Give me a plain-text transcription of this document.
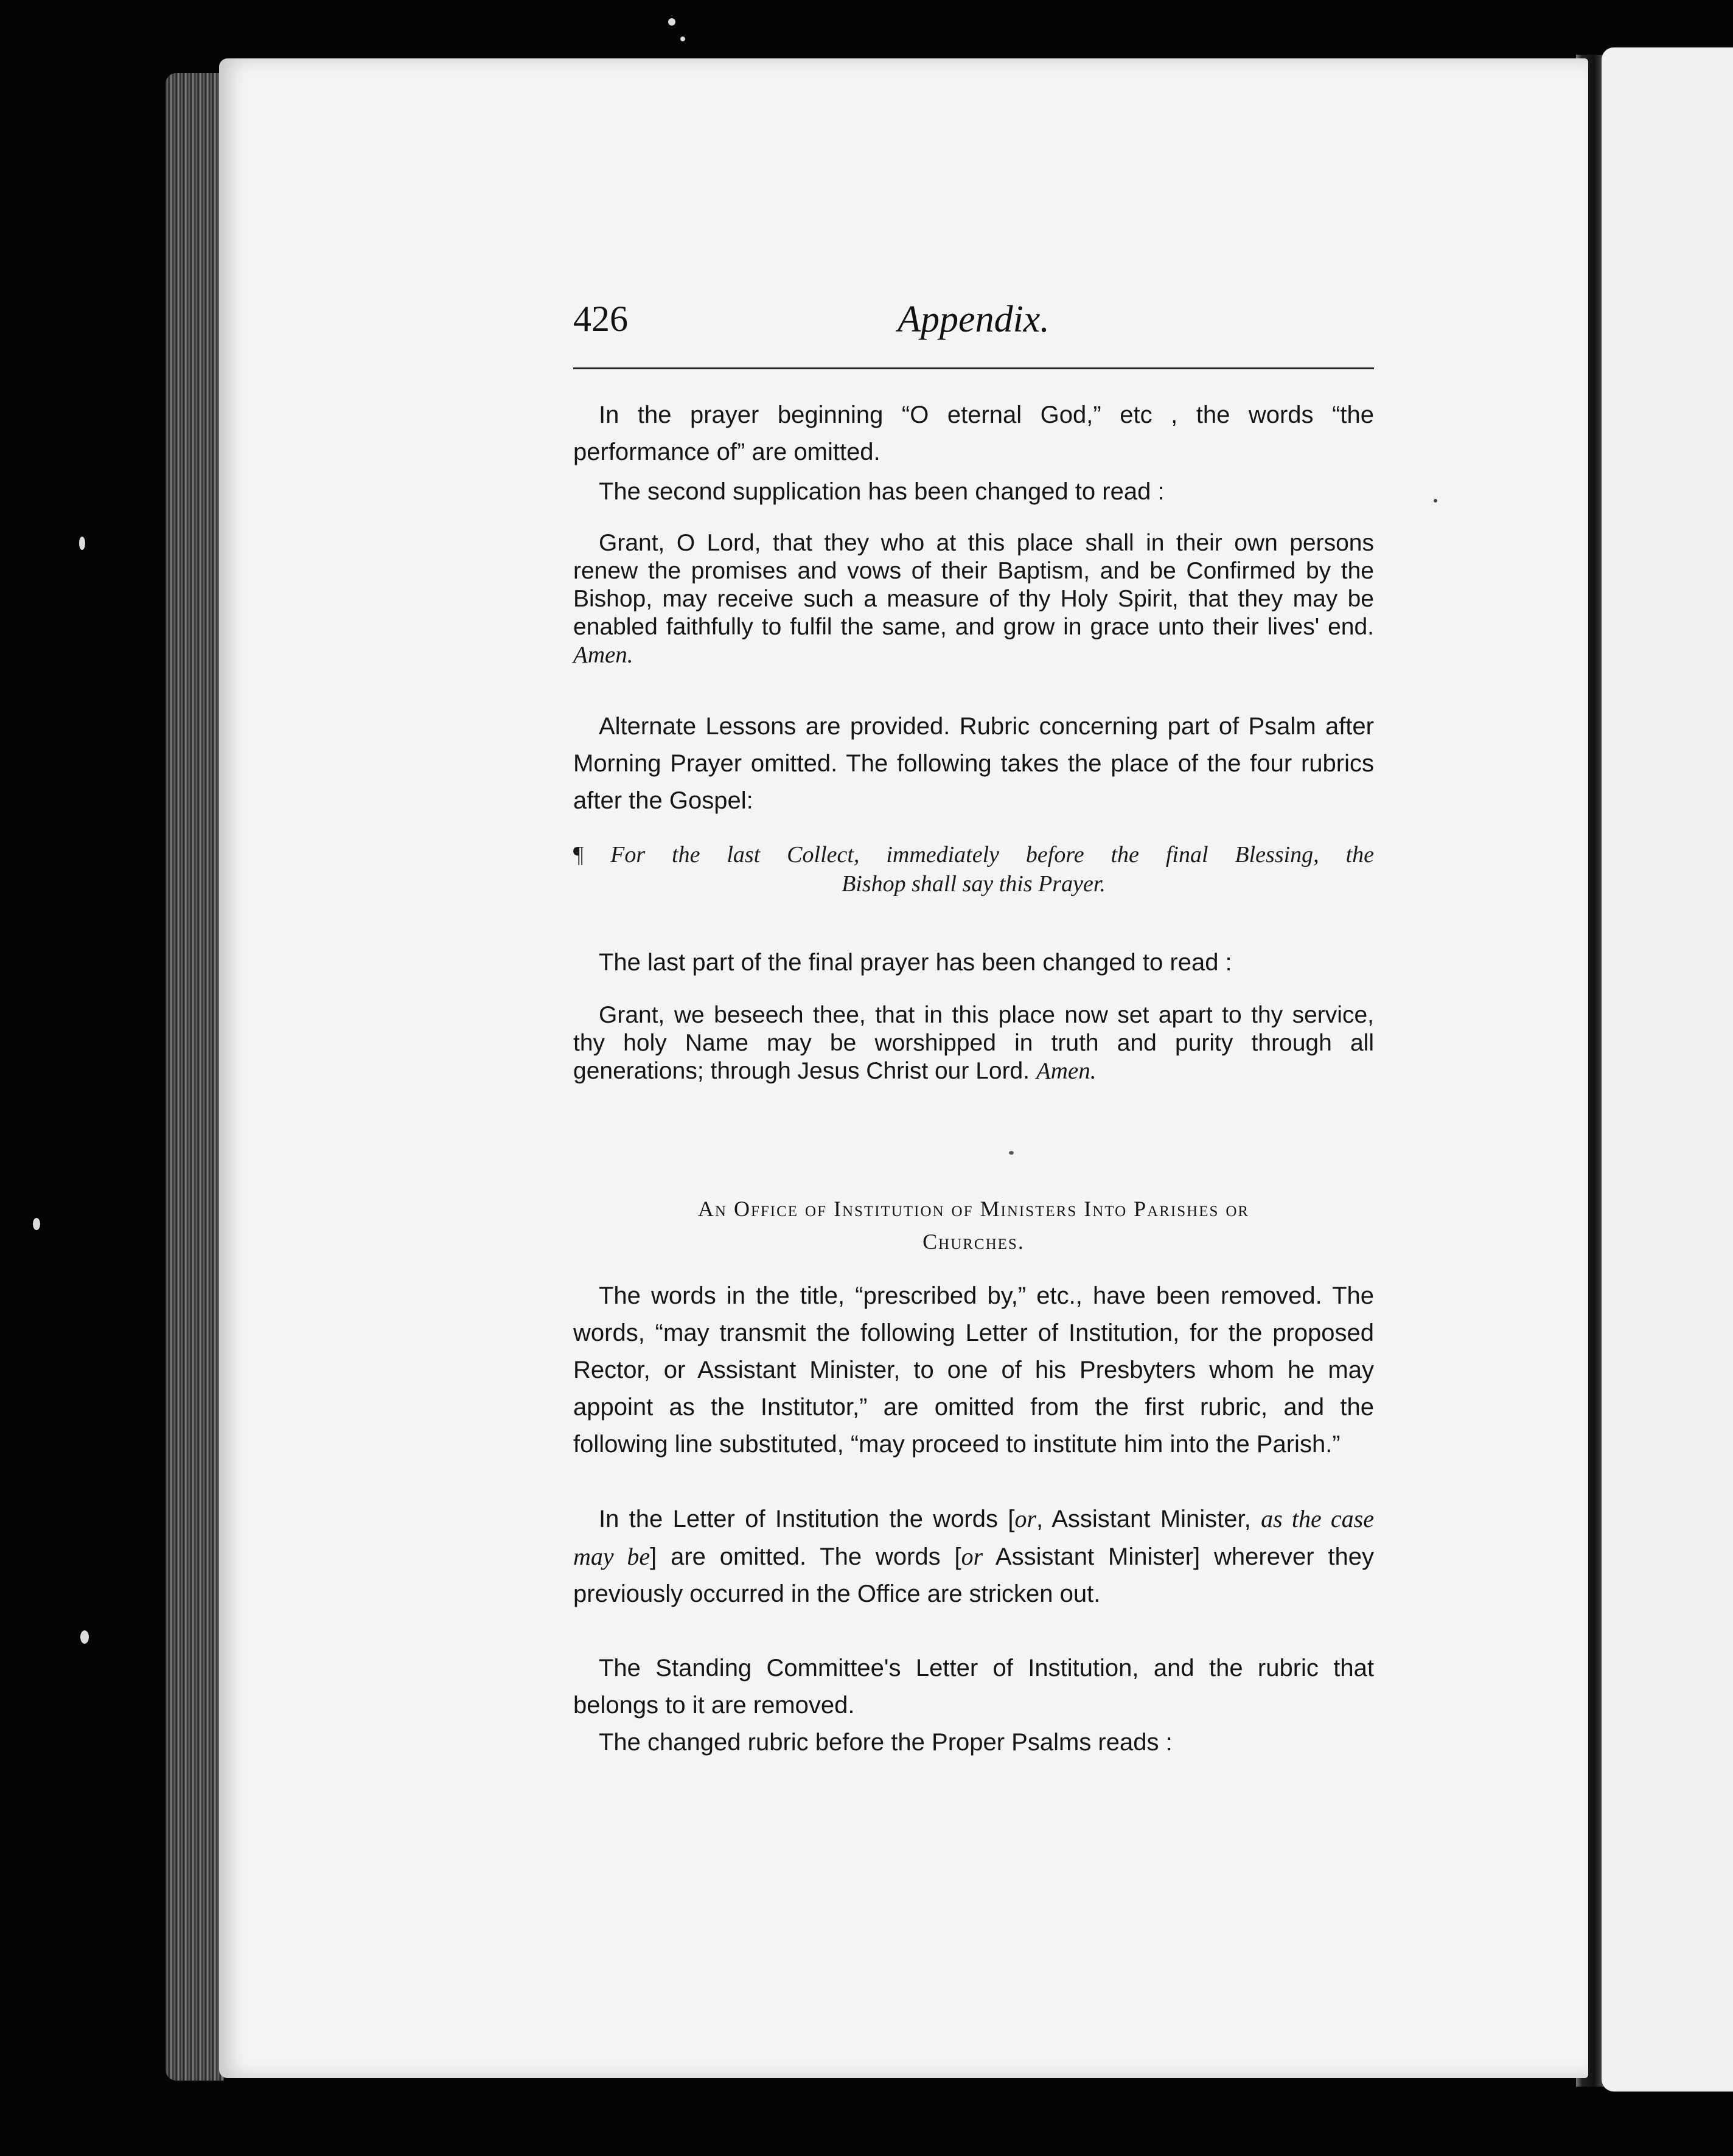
426	Appendix.

In the prayer beginning “O eternal God,” etc , the words “the performance of” are omitted.

The second supplication has been changed to read :

Grant, O Lord, that they who at this place shall in their own persons renew the promises and vows of their Baptism, and be Confirmed by the Bishop, may receive such a measure of thy Holy Spirit, that they may be enabled faithfully to fulfil the same, and grow in grace unto their lives' end. Amen.

Alternate Lessons are provided. Rubric concerning part of Psalm after Morning Prayer omitted. The following takes the place of the four rubrics after the Gospel:

¶ For the last Collect, immediately before the final Blessing, the

Bishop shall say this Prayer.

The last part of the final prayer has been changed to read :

Grant, we beseech thee, that in this place now set apart to thy service, thy holy Name may be worshipped in truth and purity through all generations; through Jesus Christ our Lord. Amen.

An Office of Institution of Ministers Into Parishes or

Churches.

The words in the title, “prescribed by,” etc., have been removed. The words, “may transmit the following Letter of Institution, for the proposed Rector, or Assistant Minister, to one of his Presbyters whom he may appoint as the Institutor,” are omitted from the first rubric, and the following line substituted, “may proceed to institute him into the Parish.”

In the Letter of Institution the words [or, Assistant Minister, as the case may be] are omitted. The words [or Assistant Minister] wherever they previously occurred in the Office are stricken out.

The Standing Committee's Letter of Institution, and the rubric that belongs to it are removed.

The changed rubric before the Proper Psalms reads :
